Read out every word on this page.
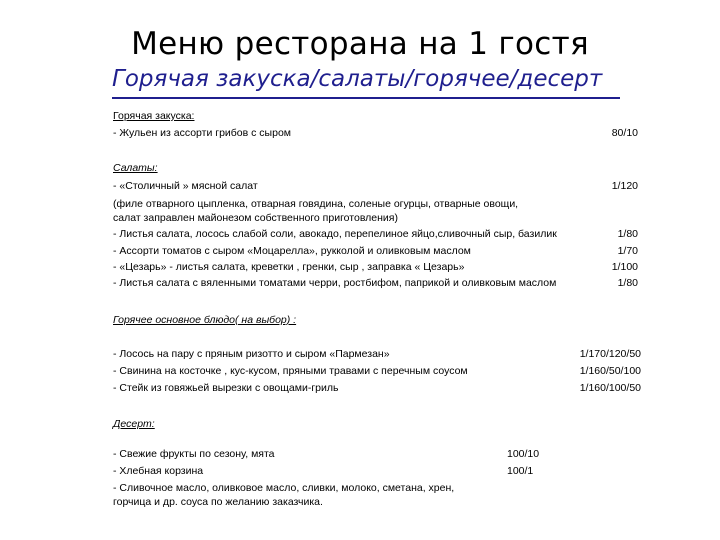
Меню ресторана на 1 гостя
Горячая закуска/салаты/горячее/десерт
Горячая закуска:
- Жульен из ассорти грибов с сыром	80/10
Салаты:
- «Столичный » мясной салат	1/120
(филе отварного цыпленка, отварная говядина, соленые огурцы, отварные овощи,
салат заправлен майонезом собственного приготовления)
- Листья салата, лосось слабой соли, авокадо, перепелиное яйцо,сливочный сыр, базилик	1/80
- Ассорти томатов с сыром «Моцарелла», рукколой и оливковым маслом	1/70
- «Цезарь» - листья салата, креветки , гренки, сыр , заправка « Цезарь»	1/100
- Листья салата с вяленными томатами черри, ростбифом, паприкой и оливковым маслом	1/80
Горячее основное блюдо( на выбор) :
- Лосось на пару с пряным ризотто и сыром «Пармезан»	1/170/120/50
- Свинина на косточке , кус-кусом, пряными травами с перечным соусом	1/160/50/100
- Стейк из говяжьей вырезки с овощами-гриль	1/160/100/50
Десерт:
- Свежие фрукты по сезону, мята	100/10
- Хлебная корзина	100/1
- Сливочное масло, оливковое масло, сливки, молоко, сметана, хрен,
горчица и др. соуса по желанию заказчика.
